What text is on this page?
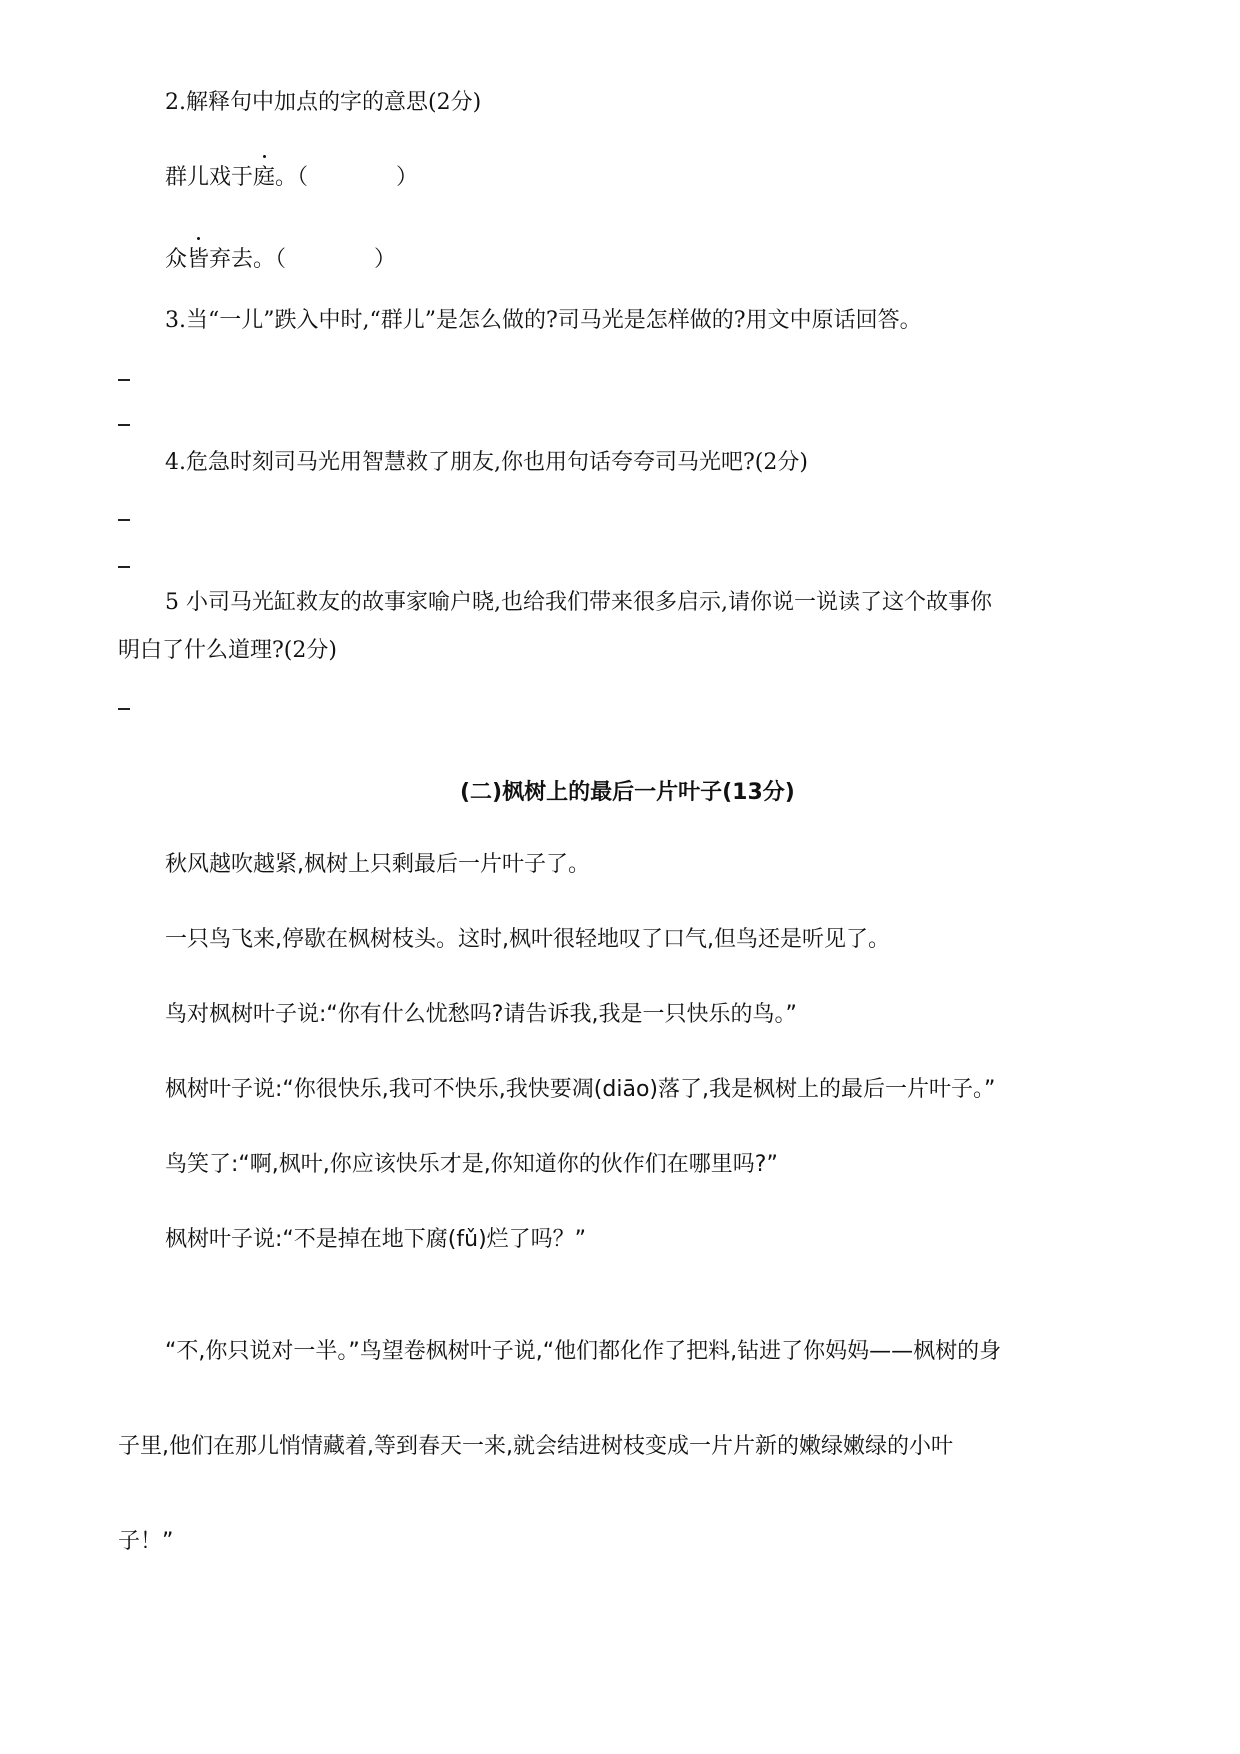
2.解释句中加点的字的意思(2分)
群儿戏于庭。（　　　　）
众皆弃去。（　　　　）
3.当“一儿”跌入中时,“群儿”是怎么做的?司马光是怎样做的?用文中原话回答。
4.危急时刻司马光用智慧救了朋友,你也用句话夸夸司马光吧?(2分)
5 小司马光缸救友的故事家喻户晓,也给我们带来很多启示,请你说一说读了这个故事你
明白了什么道理?(2分)
(二)枫树上的最后一片叶子(13分)
秋风越吹越紧,枫树上只剩最后一片叶子了。
一只鸟飞来,停歇在枫树枝头。这时,枫叶很轻地叹了口气,但鸟还是听见了。
鸟对枫树叶子说:“你有什么忧愁吗?请告诉我,我是一只快乐的鸟。”
枫树叶子说:“你很快乐,我可不快乐,我快要凋(diāo)落了,我是枫树上的最后一片叶子。”
鸟笑了:“啊,枫叶,你应该快乐才是,你知道你的伙作们在哪里吗?”
枫树叶子说:“不是掉在地下腐(fǔ)烂了吗？”
“不,你只说对一半。”鸟望卷枫树叶子说,“他们都化作了把料,钻进了你妈妈——枫树的身
子里,他们在那儿悄情藏着,等到春天一来,就会结进树枝变成一片片新的嫩绿嫩绿的小叶
子！”
